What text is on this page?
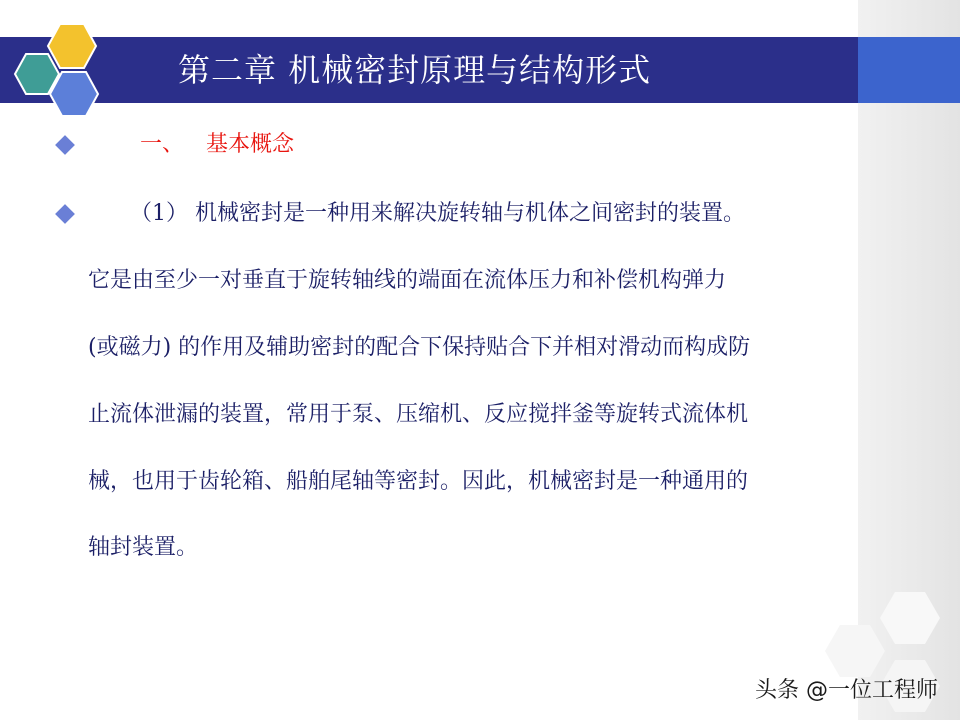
第二章 机械密封原理与结构形式
一、 基本概念
（1） 机械密封是一种用来解决旋转轴与机体之间密封的装置。
它是由至少一对垂直于旋转轴线的端面在流体压力和补偿机构弹力
(或磁力) 的作用及辅助密封的配合下保持贴合下并相对滑动而构成防
止流体泄漏的装置，常用于泵、压缩机、反应搅拌釜等旋转式流体机
械，也用于齿轮箱、船舶尾轴等密封。因此，机械密封是一种通用的
轴封装置。
头条 @一位工程师
